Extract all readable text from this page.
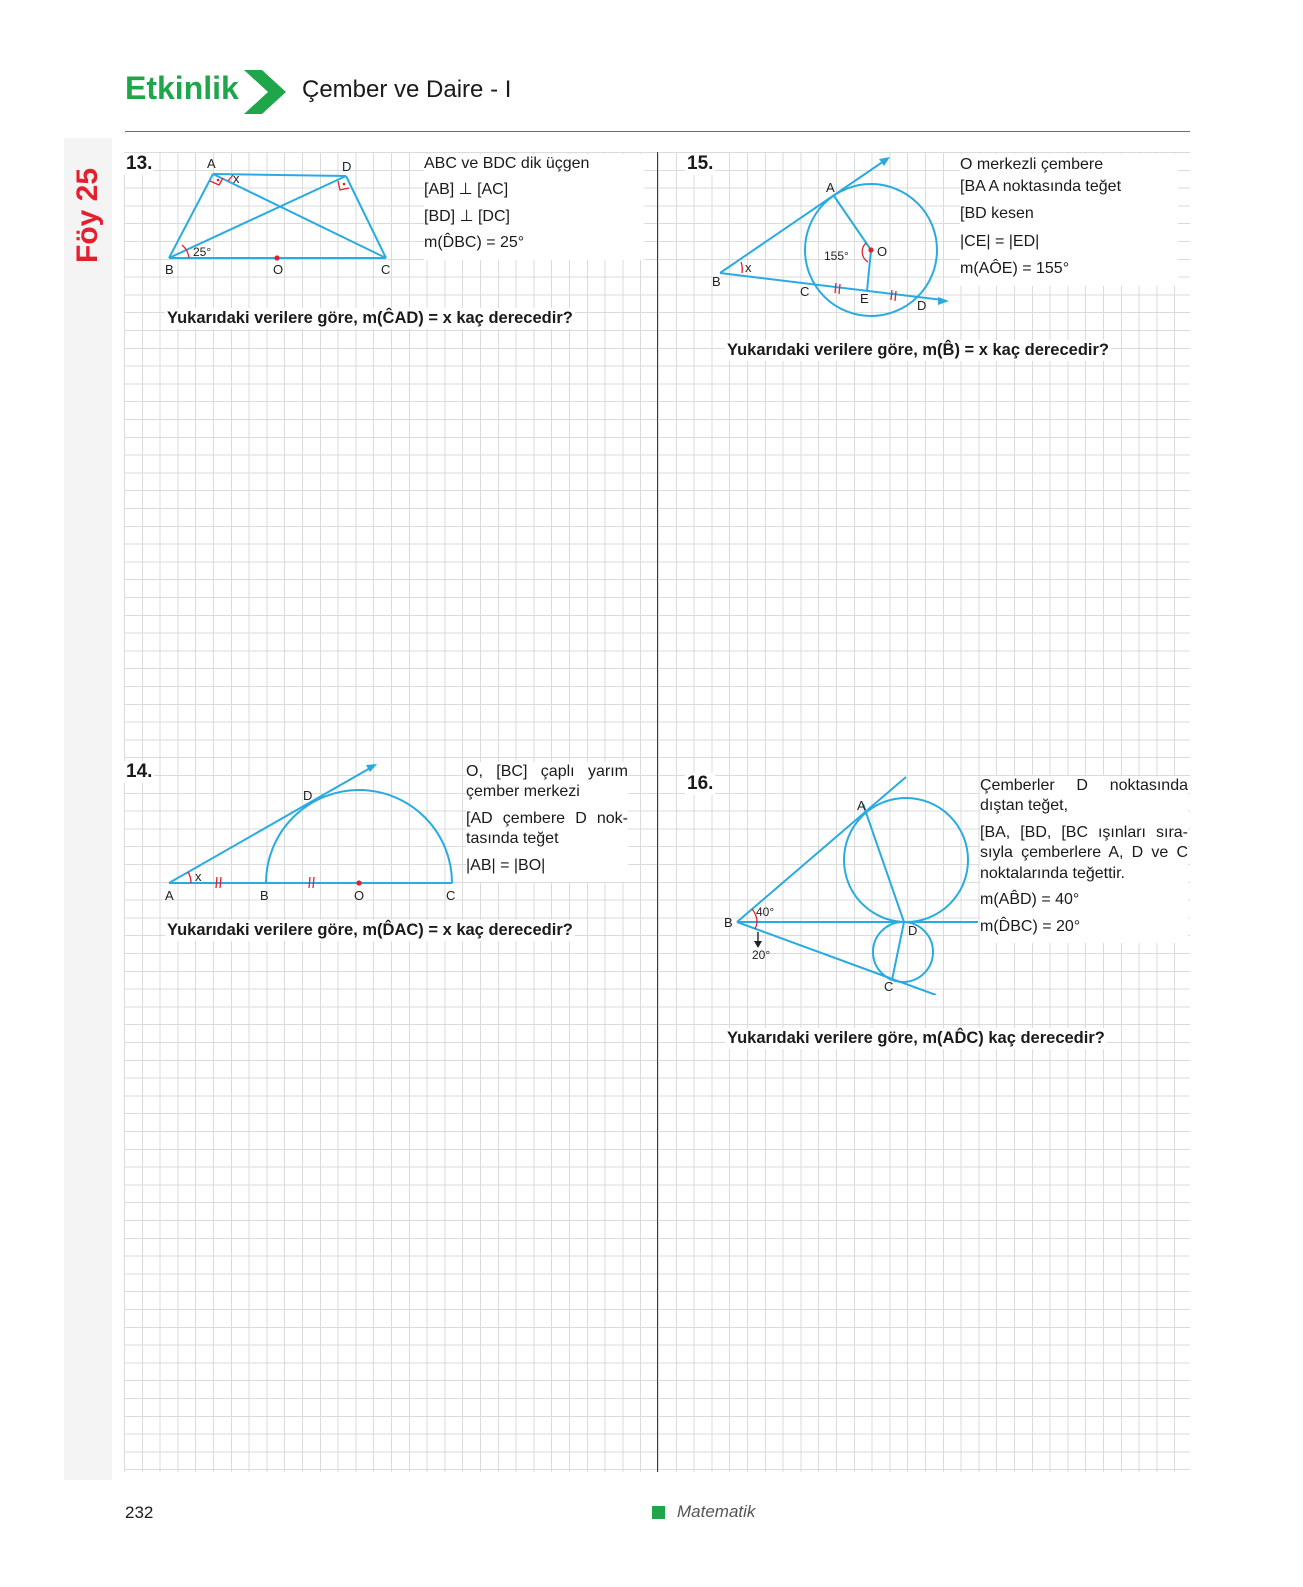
Etkinlik	Çember ve Daire - I
Föy 25
13.	A	D
B	O	C
x
25°
ABC ve BDC dik üçgen
[AB] ⊥ [AC]
[BD] ⊥ [DC]
m(D̂BC) = 25°
Yukarıdaki verilere göre, m(ĈAD) = x kaç derecedir?
14.
A	B	O	C
D
x
O, [BC] çaplı yarım çember merkezi
[AD çembere D noktasında teğet
|AB| = |BO|
Yukarıdaki verilere göre, m(D̂AC) = x kaç derecedir?
15.
A
O
B
C	E	D
x
155°
O merkezli çembere
[BA A noktasında teğet
[BD kesen
|CE| = |ED|
m(AÔE) = 155°
Yukarıdaki verilere göre, m(B̂) = x kaç derecedir?
16.
A
B
D
C
40°
20°
Çemberler D noktasında dıştan teğet,
[BA, [BD, [BC ışınları sırasıyla çemberlere A, D ve C noktalarında teğettir.
m(AB̂D) = 40°
m(D̂BC) = 20°
Yukarıdaki verilere göre, m(AD̂C) kaç derecedir?
232	Matematik
